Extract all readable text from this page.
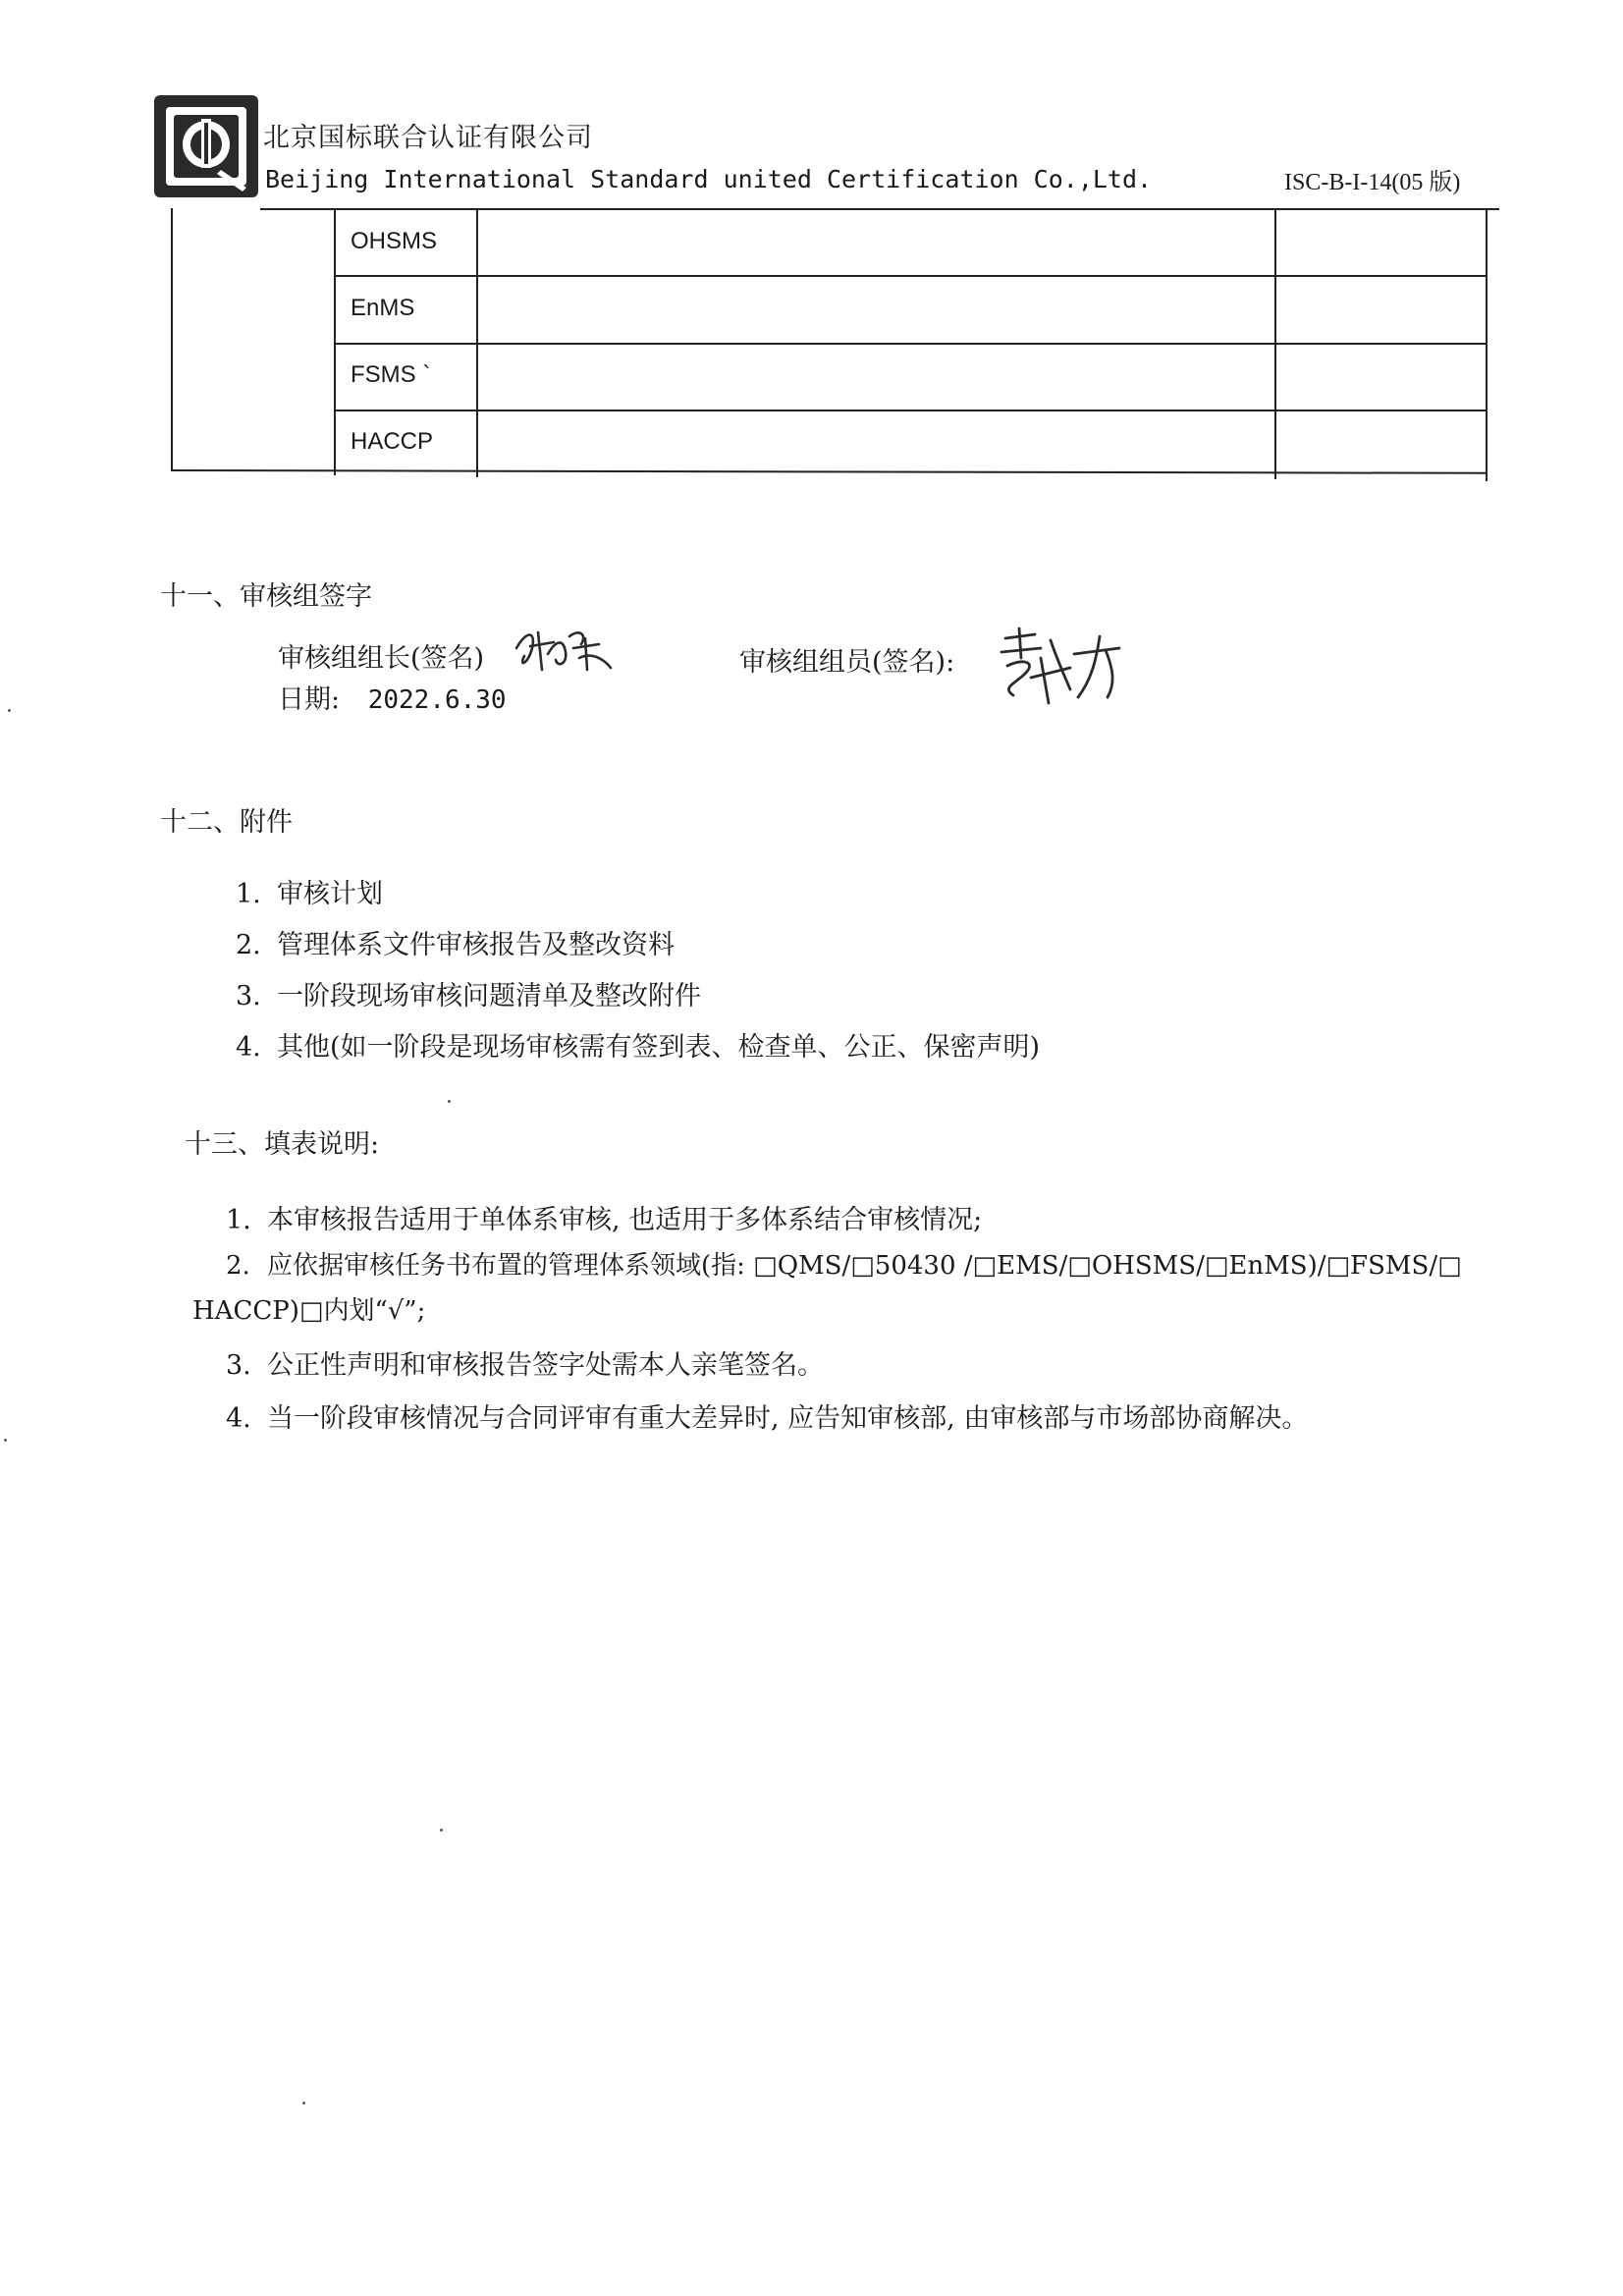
北京国标联合认证有限公司
Beijing International Standard united Certification Co.,Ltd.	ISC-B-I-14(05 版)
OHSMS
EnMS
FSMS `
HACCP
十一、审核组签字
审核组组长(签名)
日期: 2022.6.30
审核组组员(签名):
十二、附件
1. 审核计划
2. 管理体系文件审核报告及整改资料
3. 一阶段现场审核问题清单及整改附件
4. 其他(如一阶段是现场审核需有签到表、检查单、公正、保密声明)
十三、填表说明:
1. 本审核报告适用于单体系审核, 也适用于多体系结合审核情况;
2. 应依据审核任务书布置的管理体系领域(指: □QMS/□50430 /□EMS/□OHSMS/□EnMS)/□FSMS/□
HACCP)□内划“√”;
3. 公正性声明和审核报告签字处需本人亲笔签名。
4. 当一阶段审核情况与合同评审有重大差异时, 应告知审核部, 由审核部与市场部协商解决。
